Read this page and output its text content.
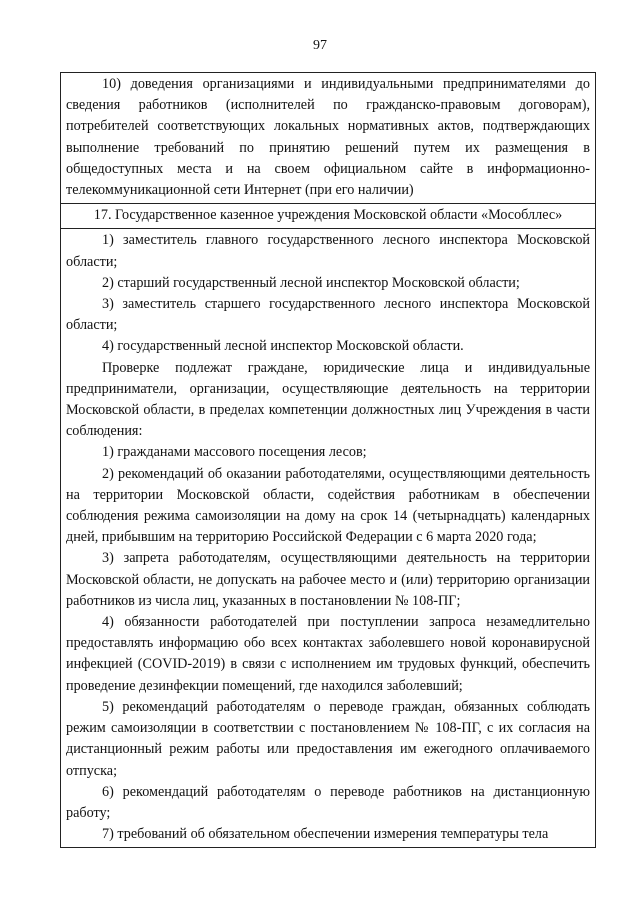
97

10) доведения организациями и индивидуальными предпринимателями до сведения работников (исполнителей по гражданско-правовым договорам), потребителей соответствующих локальных нормативных актов, подтверждающих выполнение требований по принятию решений путем их размещения в общедоступных места и на своем официальном сайте в информационно-телекоммуникационной сети Интернет (при его наличии)

17. Государственное казенное учреждения Московской области «Мособллес»

1) заместитель главного государственного лесного инспектора Московской области;

2) старший государственный лесной инспектор Московской области;

3) заместитель старшего государственного лесного инспектора Московской области;

4) государственный лесной инспектор Московской области.

Проверке подлежат граждане, юридические лица и индивидуальные предприниматели, организации, осуществляющие деятельность на территории Московской области, в пределах компетенции должностных лиц Учреждения в части соблюдения:

1) гражданами массового посещения лесов;

2) рекомендаций об оказании работодателями, осуществляющими деятельность на территории Московской области, содействия работникам в обеспечении соблюдения режима самоизоляции на дому на срок 14 (четырнадцать) календарных дней, прибывшим на территорию Российской Федерации с 6 марта 2020 года;

3) запрета работодателям, осуществляющими деятельность на территории Московской области, не допускать на рабочее место и (или) территорию организации работников из числа лиц, указанных в постановлении № 108-ПГ;

4) обязанности работодателей при поступлении запроса незамедлительно предоставлять информацию обо всех контактах заболевшего новой коронавирусной инфекцией (COVID-2019) в связи с исполнением им трудовых функций, обеспечить проведение дезинфекции помещений, где находился заболевший;

5) рекомендаций работодателям о переводе граждан, обязанных соблюдать режим самоизоляции в соответствии с постановлением № 108-ПГ, с их согласия на дистанционный режим работы или предоставления им ежегодного оплачиваемого отпуска;

6) рекомендаций работодателям о переводе работников на дистанционную работу;

7) требований об обязательном обеспечении измерения температуры тела
